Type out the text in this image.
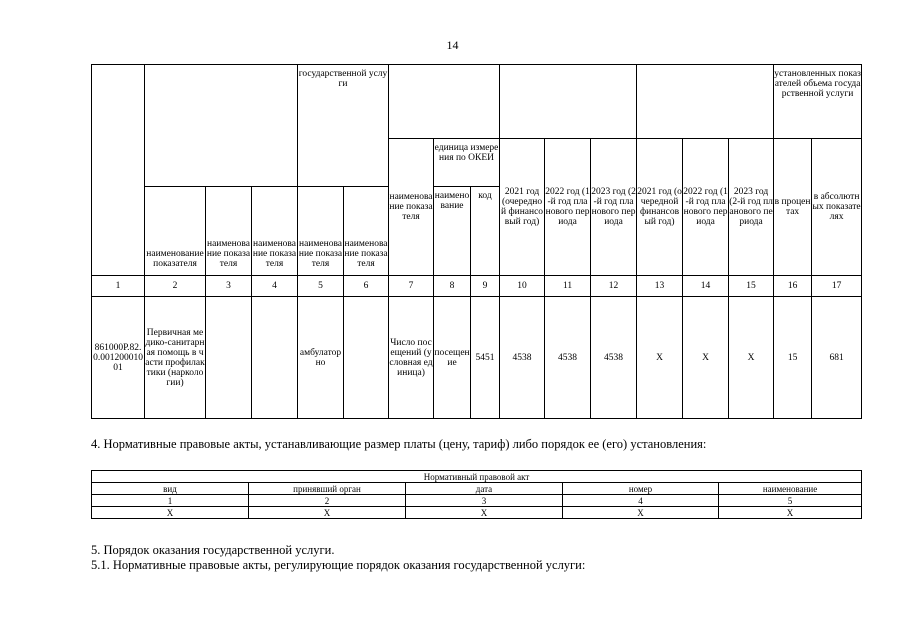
14
				государственной услуги											установленных показателей объема государственной услуги	
						наименование показателя	единица измерения по ОКЕИ		2021 год (очередной финансовый год)	2022 год (1-й год планового периода	2023 год (2-й год планового периода	2021 год (очередной финансовый год)	2022 год (1-й год планового периода	2023 год (2-й год планового периода	в процентах	в абсолютных показателях
	наименование показателя	наименование показателя	наименование показателя	наименование показателя	наименование показателя		наименование	код								
1	2	3	4	5	6	7	8	9	10	11	12	13	14	15	16	17
861000Р.82.0.00120001001	Первичная медико-санитарная помощь в части профилактики (наркологии)			амбулаторно		Число посещений (условная единица)	посещение	5451	4538	4538	4538	X	X	X	15	681
4. Нормативные правовые акты, устанавливающие размер платы (цену, тариф) либо порядок ее (его) установления:
Нормативный правовой акт				
вид	принявший орган	дата	номер	наименование
1	2	3	4	5
X	X	X	X	X
5. Порядок оказания государственной услуги.
5.1. Нормативные правовые акты, регулирующие порядок оказания государственной услуги:
